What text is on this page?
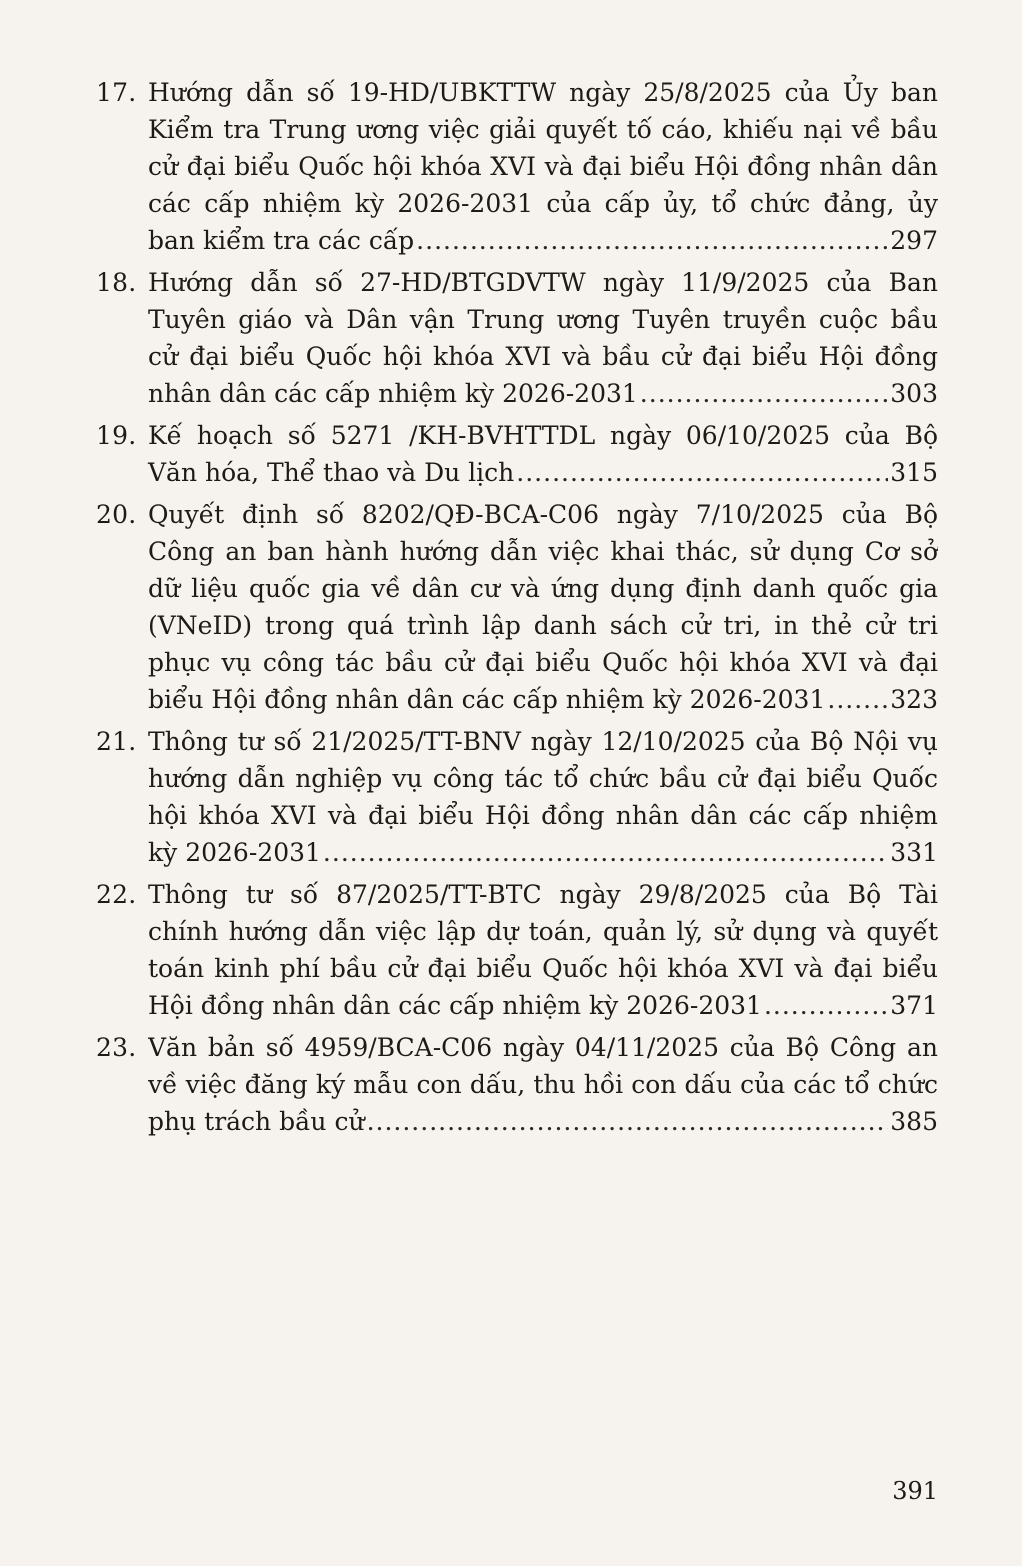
17. Hướng dẫn số 19-HD/UBKTTW ngày 25/8/2025 của Ủy ban
Kiểm tra Trung ương việc giải quyết tố cáo, khiếu nại về bầu
cử đại biểu Quốc hội khóa XVI và đại biểu Hội đồng nhân dân
các cấp nhiệm kỳ 2026-2031 của cấp ủy, tổ chức đảng, ủy
ban kiểm tra các cấp .....	297
18. Hướng dẫn số 27-HD/BTGDVTW ngày 11/9/2025 của Ban
Tuyên giáo và Dân vận Trung ương Tuyên truyền cuộc bầu
cử đại biểu Quốc hội khóa XVI và bầu cử đại biểu Hội đồng
nhân dân các cấp nhiệm kỳ 2026-2031 .....	303
19. Kế hoạch số 5271 /KH-BVHTTDL ngày 06/10/2025 của Bộ
Văn hóa, Thể thao và Du lịch .....	315
20. Quyết định số 8202/QĐ-BCA-C06 ngày 7/10/2025 của Bộ
Công an ban hành hướng dẫn việc khai thác, sử dụng Cơ sở
dữ liệu quốc gia về dân cư và ứng dụng định danh quốc gia
(VNeID) trong quá trình lập danh sách cử tri, in thẻ cử tri
phục vụ công tác bầu cử đại biểu Quốc hội khóa XVI và đại
biểu Hội đồng nhân dân các cấp nhiệm kỳ 2026-2031 .....	323
21. Thông tư số 21/2025/TT-BNV ngày 12/10/2025 của Bộ Nội vụ
hướng dẫn nghiệp vụ công tác tổ chức bầu cử đại biểu Quốc
hội khóa XVI và đại biểu Hội đồng nhân dân các cấp nhiệm
kỳ 2026-2031 .....	331
22. Thông tư số 87/2025/TT-BTC ngày 29/8/2025 của Bộ Tài
chính hướng dẫn việc lập dự toán, quản lý, sử dụng và quyết
toán kinh phí bầu cử đại biểu Quốc hội khóa XVI và đại biểu
Hội đồng nhân dân các cấp nhiệm kỳ 2026-2031 .....	371
23. Văn bản số 4959/BCA-C06 ngày 04/11/2025 của Bộ Công an
về việc đăng ký mẫu con dấu, thu hồi con dấu của các tổ chức
phụ trách bầu cử .....	385
391
